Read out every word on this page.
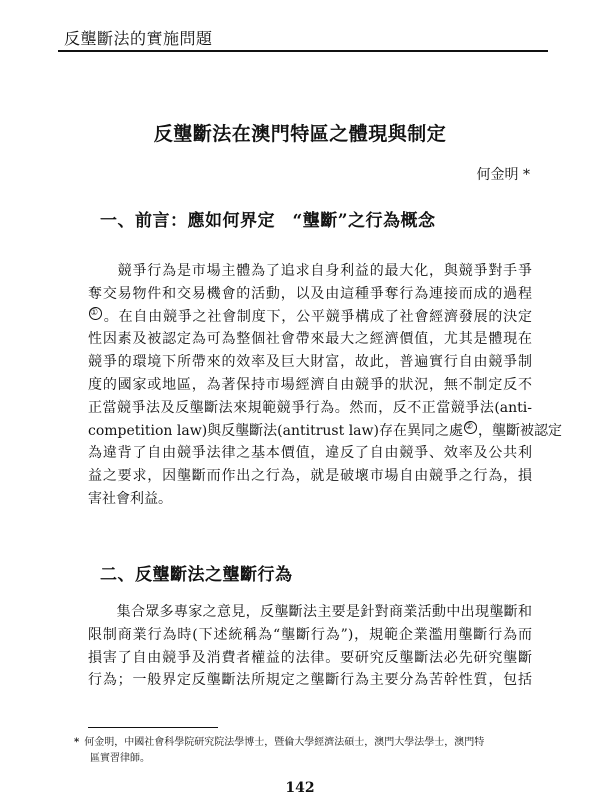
反壟斷法的實施問題
反壟斷法在澳門特區之體現與制定
何金明 *
一、前言：應如何界定　“壟斷”之行為概念
　　競爭行為是市場主體為了追求自身利益的最大化，與競爭對手爭
奪交易物件和交易機會的活動，以及由這種爭奪行為連接而成的過程
① 。在自由競爭之社會制度下，公平競爭構成了社會經濟發展的決定
性因素及被認定為可為整個社會帶來最大之經濟價值，尤其是體現在
競爭的環境下所帶來的效率及巨大財富，故此，普遍實行自由競爭制
度的國家或地區，為著保持市場經濟自由競爭的狀況，無不制定反不
正當競爭法及反壟斷法來規範競爭行為。然而，反不正當競爭法(anti-
competition law)與反壟斷法(antitrust law)存在異同之處 ② ，壟斷被認定
為違背了自由競爭法律之基本價值，違反了自由競爭、效率及公共利
益之要求，因壟斷而作出之行為，就是破壞市場自由競爭之行為，損
害社會利益。
二、反壟斷法之壟斷行為
　　集合眾多專家之意見，反壟斷法主要是針對商業活動中出現壟斷和
限制商業行為時(下述統稱為“壟斷行為”)，規範企業濫用壟斷行為而
損害了自由競爭及消費者權益的法律。要研究反壟斷法必先研究壟斷
行為；一般界定反壟斷法所規定之壟斷行為主要分為苦幹性質，包括
* 何金明，中國社會科學院研究院法學博士，暨倫大學經濟法碩士，澳門大學法學士，澳門特
區實習律師。
142
